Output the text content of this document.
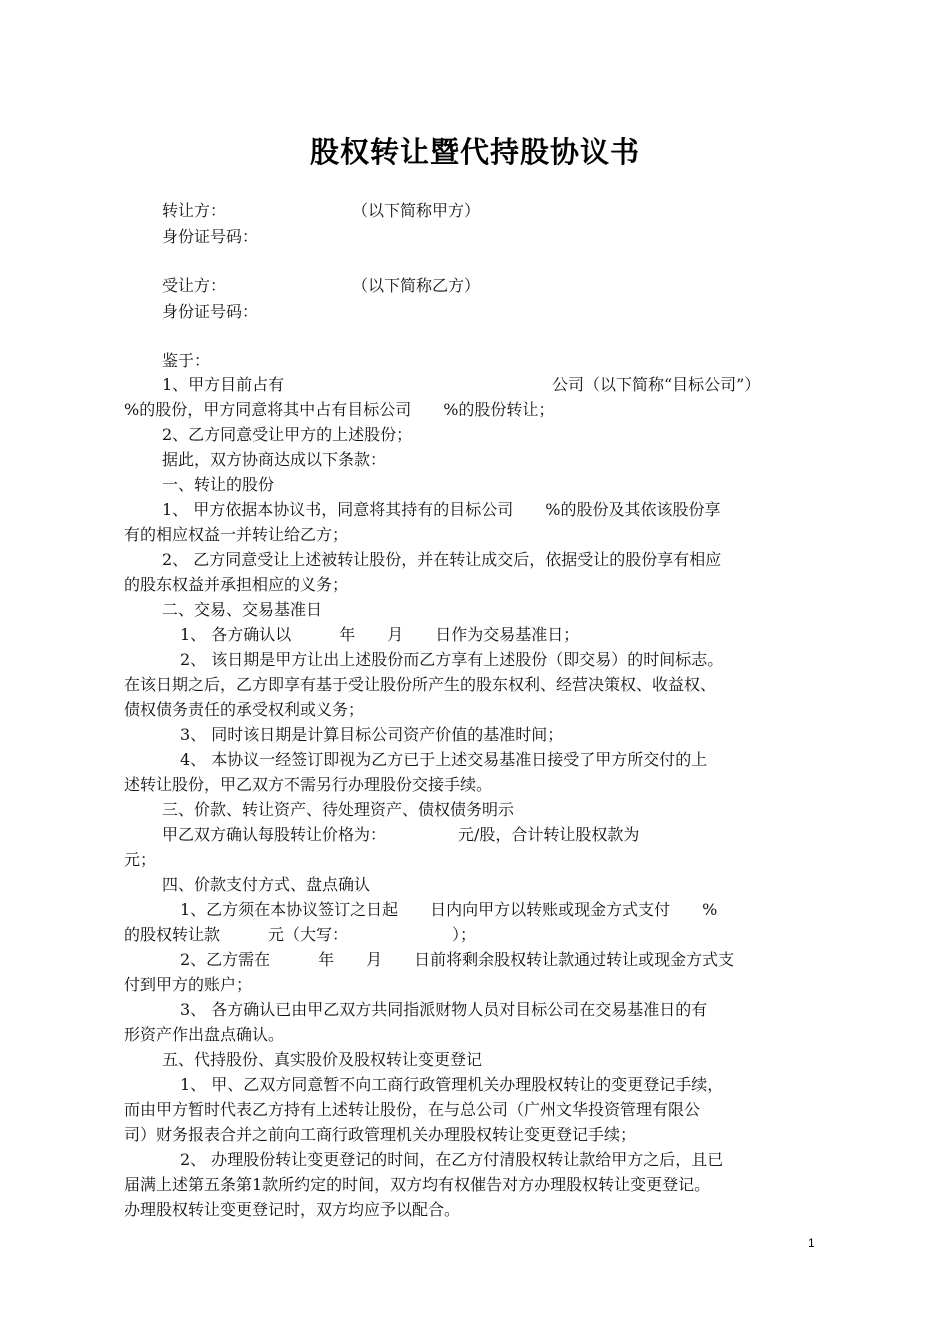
股权转让暨代持股协议书
转让方：	（以下简称甲方）
身份证号码：
受让方：	（以下简称乙方）
身份证号码：
鉴于：
1、甲方目前占有	公司（以下简称“目标公司”）
%的股份，甲方同意将其中占有目标公司　　%的股份转让；
2、乙方同意受让甲方的上述股份；
据此，双方协商达成以下条款：
一、转让的股份
1、 甲方依据本协议书，同意将其持有的目标公司　　%的股份及其依该股份享
有的相应权益一并转让给乙方；
2、 乙方同意受让上述被转让股份，并在转让成交后，依据受让的股份享有相应
的股东权益并承担相应的义务；
二、交易、交易基准日
1、 各方确认以　　　年　　月　　日作为交易基准日；
2、 该日期是甲方让出上述股份而乙方享有上述股份（即交易）的时间标志。
在该日期之后，乙方即享有基于受让股份所产生的股东权利、经营决策权、收益权、
债权债务责任的承受权利或义务；
3、 同时该日期是计算目标公司资产价值的基准时间；
4、 本协议一经签订即视为乙方已于上述交易基准日接受了甲方所交付的上
述转让股份，甲乙双方不需另行办理股份交接手续。
三、价款、转让资产、待处理资产、债权债务明示
甲乙双方确认每股转让价格为：　　　　　元/股，合计转让股权款为
元；
四、价款支付方式、盘点确认
1、乙方须在本协议签订之日起　　日内向甲方以转账或现金方式支付　　%
的股权转让款　　　元（大写：　　　　　　　）；
2、乙方需在　　　年　　月　　日前将剩余股权转让款通过转让或现金方式支
付到甲方的账户；
3、 各方确认已由甲乙双方共同指派财物人员对目标公司在交易基准日的有
形资产作出盘点确认。
五、代持股份、真实股价及股权转让变更登记
1、 甲、乙双方同意暂不向工商行政管理机关办理股权转让的变更登记手续，
而由甲方暂时代表乙方持有上述转让股份，在与总公司（广州文华投资管理有限公
司）财务报表合并之前向工商行政管理机关办理股权转让变更登记手续；
2、 办理股份转让变更登记的时间，在乙方付清股权转让款给甲方之后，且已
届满上述第五条第1款所约定的时间，双方均有权催告对方办理股权转让变更登记。
办理股权转让变更登记时，双方均应予以配合。
1
